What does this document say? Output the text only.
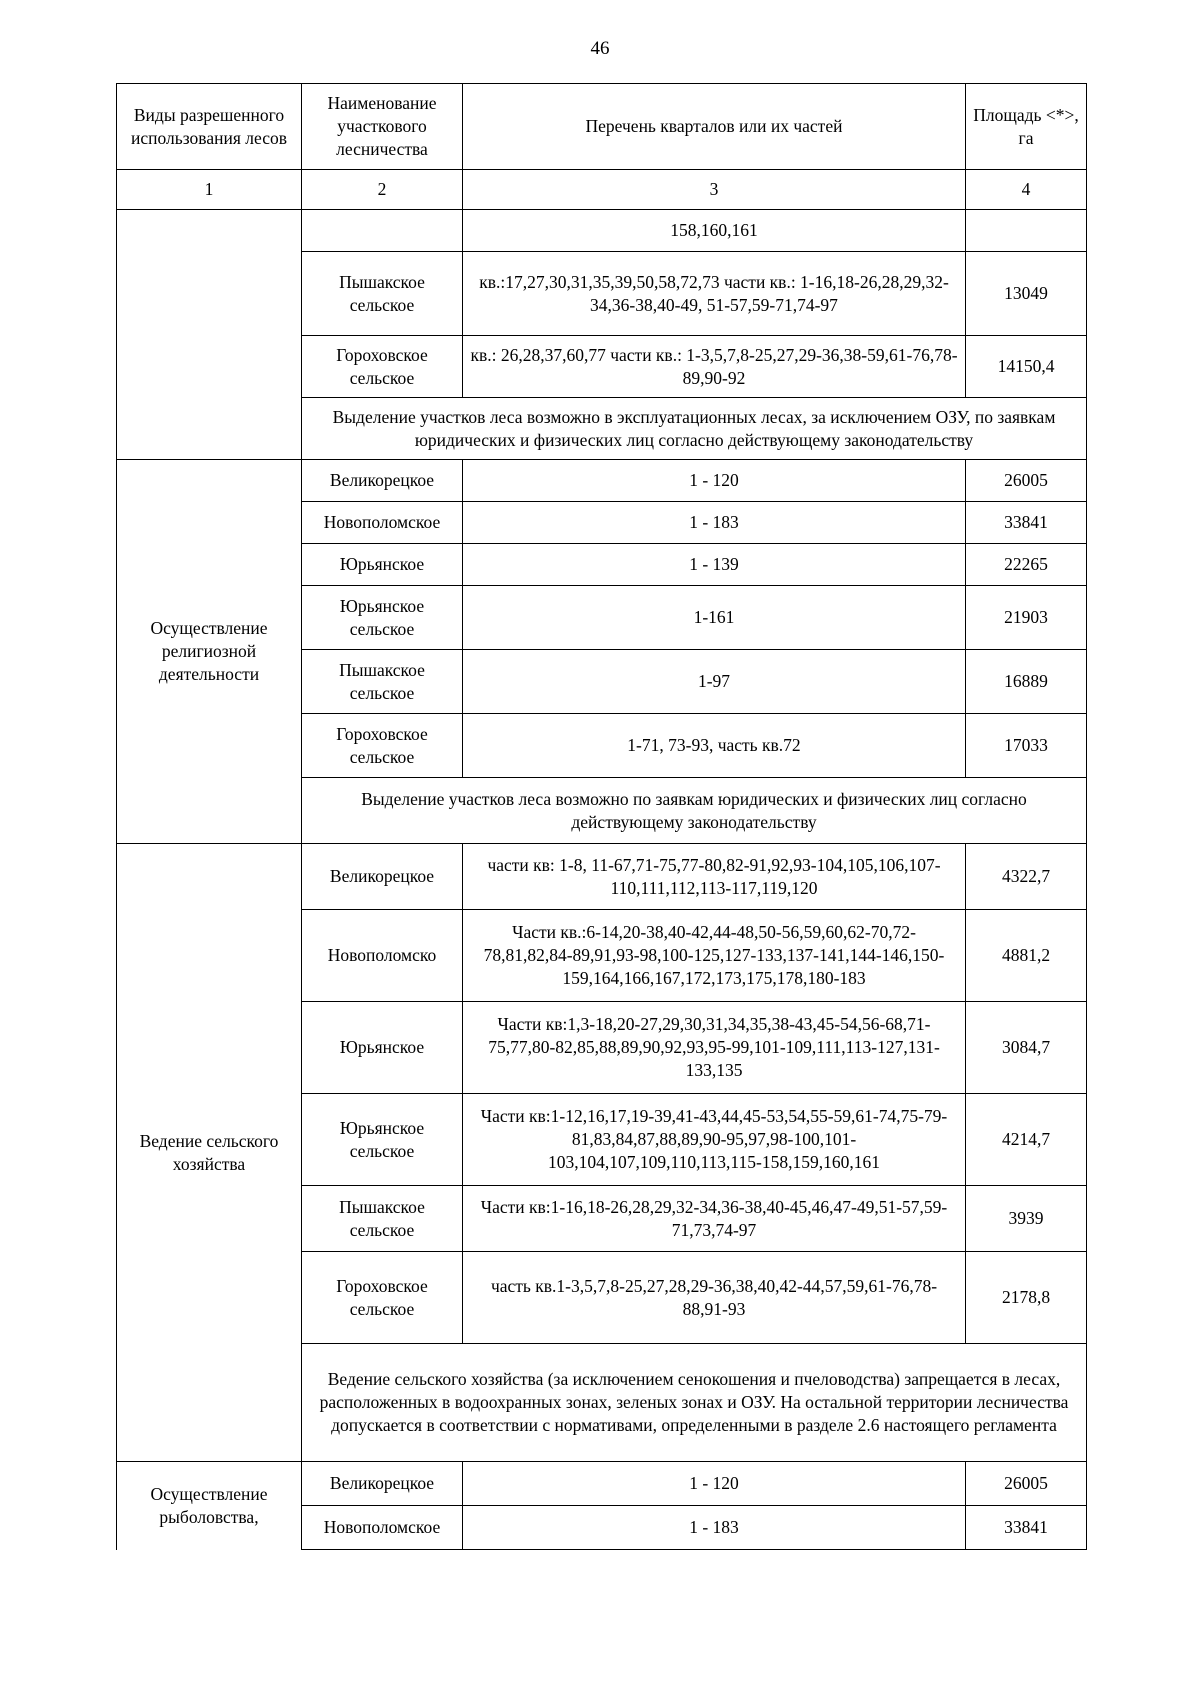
46
Виды разрешенного использования лесов	Наименование участкового лесничества	Перечень кварталов или их частей	Площадь <*>, га
1	2	3	4
		158,160,161	
	Пышакское сельское	кв.:17,27,30,31,35,39,50,58,72,73 части кв.: 1-16,18-26,28,29,32-34,36-38,40-49, 51-57,59-71,74-97	13049
	Гороховское сельское	кв.: 26,28,37,60,77 части кв.: 1-3,5,7,8-25,27,29-36,38-59,61-76,78-89,90-92	14150,4
	Выделение участков леса возможно в эксплуатационных лесах, за исключением ОЗУ, по заявкам юридических и физических лиц согласно действующему законодательству		
Осуществление религиозной деятельности	Великорецкое	1 - 120	26005
	Новополомское	1 - 183	33841
	Юрьянское	1 - 139	22265
	Юрьянское сельское	1-161	21903
	Пышакское сельское	1-97	16889
	Гороховское сельское	1-71, 73-93, часть кв.72	17033
	Выделение участков леса возможно по заявкам юридических и физических лиц согласно действующему законодательству		
Ведение сельского хозяйства	Великорецкое	части кв: 1-8, 11-67,71-75,77-80,82-91,92,93-104,105,106,107-110,111,112,113-117,119,120	4322,7
	Новополомско	Части кв.:6-14,20-38,40-42,44-48,50-56,59,60,62-70,72-78,81,82,84-89,91,93-98,100-125,127-133,137-141,144-146,150-159,164,166,167,172,173,175,178,180-183	4881,2
	Юрьянское	Части кв:1,3-18,20-27,29,30,31,34,35,38-43,45-54,56-68,71-75,77,80-82,85,88,89,90,92,93,95-99,101-109,111,113-127,131-133,135	3084,7
	Юрьянское сельское	Части кв:1-12,16,17,19-39,41-43,44,45-53,54,55-59,61-74,75-79-81,83,84,87,88,89,90-95,97,98-100,101-103,104,107,109,110,113,115-158,159,160,161	4214,7
	Пышакское сельское	Части кв:1-16,18-26,28,29,32-34,36-38,40-45,46,47-49,51-57,59-71,73,74-97	3939
	Гороховское сельское	часть кв.1-3,5,7,8-25,27,28,29-36,38,40,42-44,57,59,61-76,78-88,91-93	2178,8
	Ведение сельского хозяйства (за исключением сенокошения и пчеловодства) запрещается в лесах, расположенных в водоохранных зонах, зеленых зонах и ОЗУ. На остальной территории лесничества допускается в соответствии с нормативами, определенными в разделе 2.6 настоящего регламента		
Осуществление рыболовства,	Великорецкое	1 - 120	26005
	Новополомское	1 - 183	33841
